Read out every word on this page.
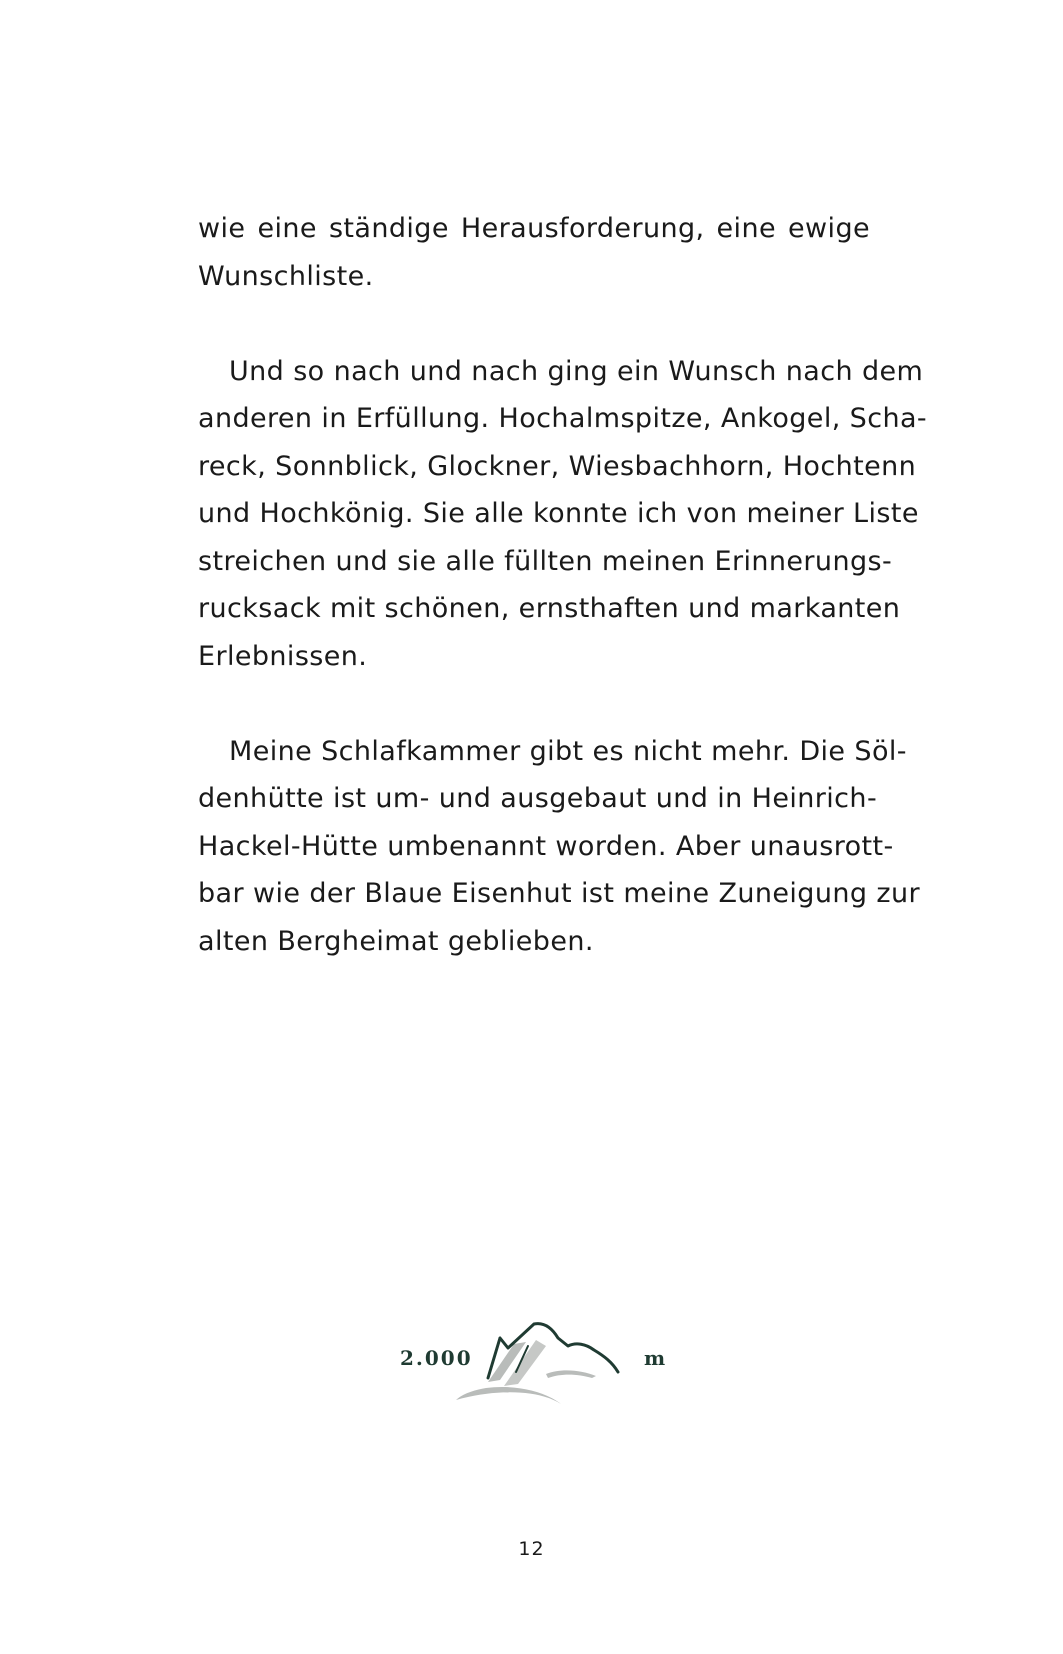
wie eine ständige Herausforderung, eine ewige
Wunschliste.

Und so nach und nach ging ein Wunsch nach dem
anderen in Erfüllung. Hochalmspitze, Ankogel, Scha-
reck, Sonnblick, Glockner, Wiesbachhorn, Hochtenn
und Hochkönig. Sie alle konnte ich von meiner Liste
streichen und sie alle füllten meinen Erinnerungs-
rucksack mit schönen, ernsthaften und markanten
Erlebnissen.

Meine Schlafkammer gibt es nicht mehr. Die Söl-
denhütte ist um- und ausgebaut und in Heinrich-
Hackel-Hütte umbenannt worden. Aber unausrott-
bar wie der Blaue Eisenhut ist meine Zuneigung zur
alten Bergheimat geblieben.

2.000	m
12
